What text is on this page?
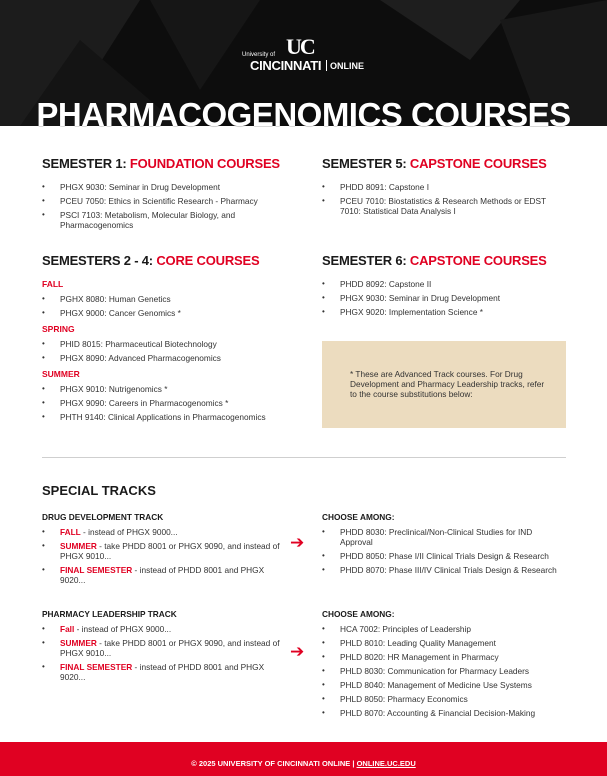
UC
University of
CINCINNATI ONLINE
PHARMACOGENOMICS COURSES
SEMESTER 1: FOUNDATION COURSES
• PHGX 9030: Seminar in Drug Development
• PCEU 7050: Ethics in Scientific Research - Pharmacy
• PSCI 7103: Metabolism, Molecular Biology, and Pharmacogenomics
SEMESTERS 2 - 4: CORE COURSES

FALL

• PGHX 8080: Human Genetics
• PHGX 9000: Cancer Genomics *

SPRING

• PHID 8015: Pharmaceutical Biotechnology
• PHGX 8090: Advanced Pharmacogenomics

SUMMER

• PHGX 9010: Nutrigenomics *
• PHGX 9090: Careers in Pharmacogenomics *
• PHTH 9140: Clinical Applications in Pharmacogenomics
SEMESTER 5: CAPSTONE COURSES
• PHDD 8091: Capstone I
• PCEU 7010: Biostatistics & Research Methods or EDST 7010: Statistical Data Analysis I
SEMESTER 6: CAPSTONE COURSES
• PHDD 8092: Capstone II
• PHGX 9030: Seminar in Drug Development
• PHGX 9020: Implementation Science *

* These are Advanced Track courses. For Drug Development and Pharmacy Leadership tracks, refer to the course substitutions below:

SPECIAL TRACKS

DRUG DEVELOPMENT TRACK

• FALL - instead of PHGX 9000...
• SUMMER - take PHDD 8001 or PHGX 9090, and instead of PHGX 9010...
• FINAL SEMESTER - instead of PHDD 8001 and PHGX 9020...
➔

CHOOSE AMONG:

• PHDD 8030: Preclinical/Non-Clinical Studies for IND Approval
• PHDD 8050: Phase I/II Clinical Trials Design & Research
• PHDD 8070: Phase III/IV Clinical Trials Design & Research

PHARMACY LEADERSHIP TRACK

• Fall - instead of PHGX 9000...
• SUMMER - take PHDD 8001 or PHGX 9090, and instead of PHGX 9010...
• FINAL SEMESTER - instead of PHDD 8001 and PHGX 9020...
➔

CHOOSE AMONG:

• HCA 7002: Principles of Leadership
• PHLD 8010: Leading Quality Management
• PHLD 8020: HR Management in Pharmacy
• PHLD 8030: Communication for Pharmacy Leaders
• PHLD 8040: Management of Medicine Use Systems
• PHLD 8050: Pharmacy Economics
• PHLD 8070: Accounting & Financial Decision-Making
© 2025 UNIVERSITY OF CINCINNATI ONLINE | ONLINE.UC.EDU
